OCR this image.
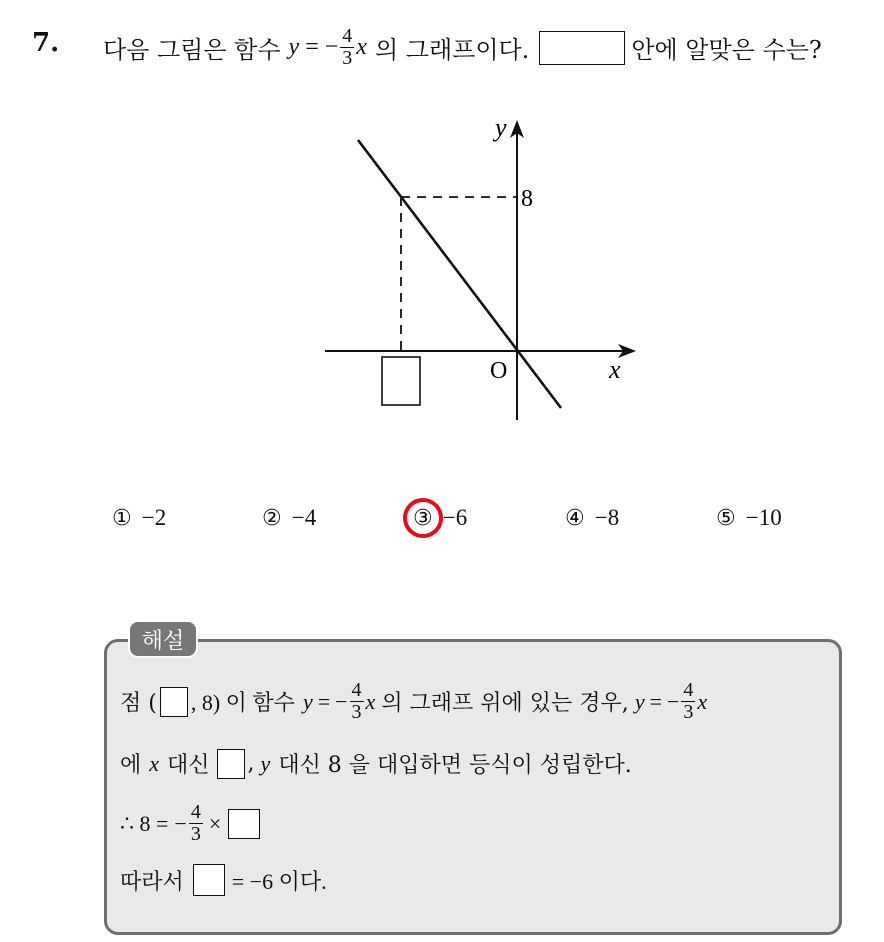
7. 다음 그림은 함수 y = − $\frac{4}{3}$ x 의 그래프이다.	안에 알맞은 수는?
y
x
O
8
① −2	② −4	③ −6	④ −8	⑤ −10
해설
점 ( , 8) 이 함수 y = − $\frac{4}{3}$ x 의 그래프 위에 있는 경우, y = − $\frac{4}{3}$ x
에 x 대신 , y 대신 8 을 대입하면 등식이 성립한다.
∴ 8 = − $\frac{4}{3}$ ×
따라서 = −6 이다.
